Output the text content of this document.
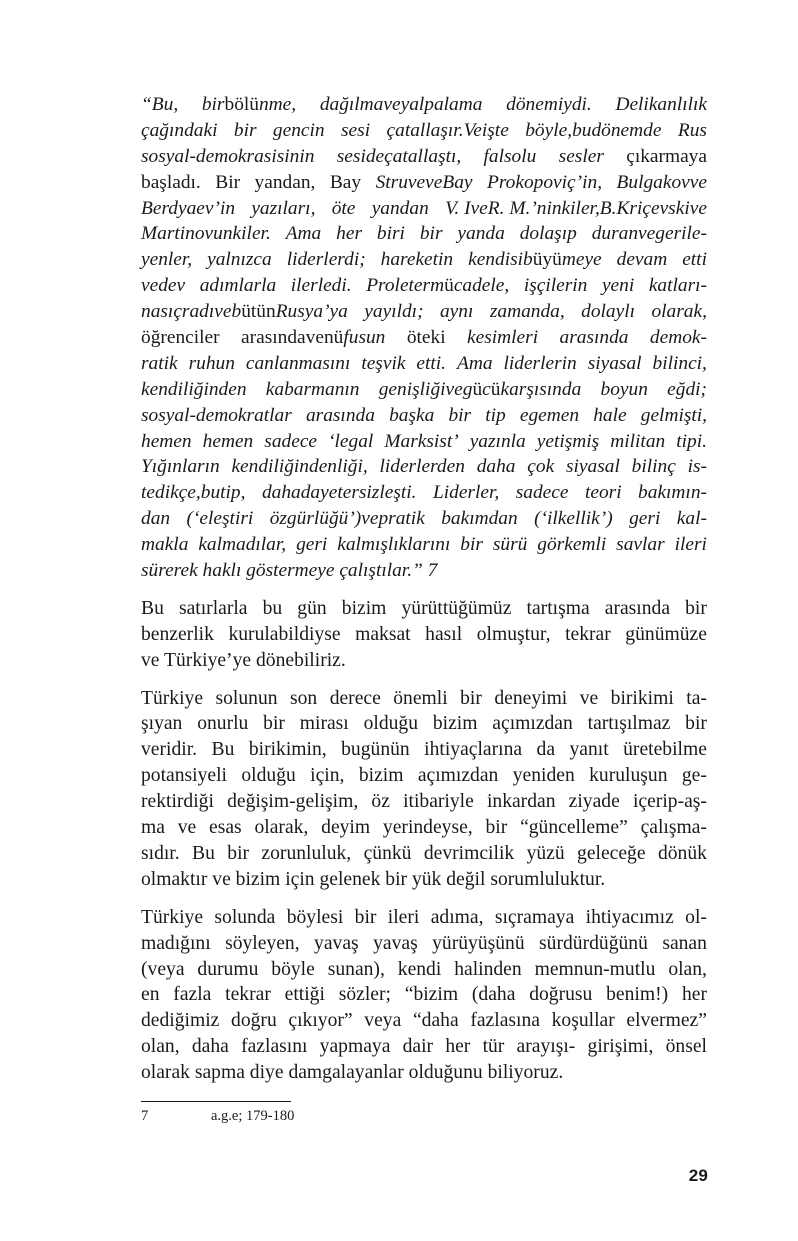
“Bu, birbölünme, dağılmaveyalpalama dönemiydi. Delikanlılık
çağındaki bir gencin sesi çatallaşır.Veişte böyle,budönemde Rus
sosyal-demokrasisinin sesideçatallaştı, falsolu sesler çıkarmaya
başladı. Bir yandan, Bay StruveveBay Prokopoviç’in, Bulgakovve
Berdyaev’in yazıları, öte yandan V. IveR. M.’ninkiler,B.Kriçevskive
Martinovunkiler. Ama her biri bir yanda dolaşıp duranvegerile-
yenler, yalnızca liderlerdi; hareketin kendisibüyümeye devam etti
vedev adımlarla ilerledi. Proletermücadele, işçilerin yeni katları-
nasıçradıvebütünRusya’ya yayıldı; aynı zamanda, dolaylı olarak,
öğrenciler arasındavenüfusun öteki kesimleri arasında demok-
ratik ruhun canlanmasını teşvik etti. Ama liderlerin siyasal bilinci,
kendiliğinden kabarmanın genişliğivegücükarşısında boyun eğdi;
sosyal-demokratlar arasında başka bir tip egemen hale gelmişti,
hemen hemen sadece ‘legal Marksist’ yazınla yetişmiş militan tipi.
Yığınların kendiliğindenliği, liderlerden daha çok siyasal bilinç is-
tedikçe,butip, dahadayetersizleşti. Liderler, sadece teori bakımın-
dan (‘eleştiri özgürlüğü’)vepratik bakımdan (‘ilkellik’) geri kal-
makla kalmadılar, geri kalmışlıklarını bir sürü görkemli savlar ileri
sürerek haklı göstermeye çalıştılar.” 7
Bu satırlarla bu gün bizim yürüttüğümüz tartışma arasında bir
benzerlik kurulabildiyse maksat hasıl olmuştur, tekrar günümüze
ve Türkiye’ye dönebiliriz.
Türkiye solunun son derece önemli bir deneyimi ve birikimi ta-
şıyan onurlu bir mirası olduğu bizim açımızdan tartışılmaz bir
veridir. Bu birikimin, bugünün ihtiyaçlarına da yanıt üretebilme
potansiyeli olduğu için, bizim açımızdan yeniden kuruluşun ge-
rektirdiği değişim-gelişim, öz itibariyle inkardan ziyade içerip-aş-
ma ve esas olarak, deyim yerindeyse, bir “güncelleme” çalışma-
sıdır. Bu bir zorunluluk, çünkü devrimcilik yüzü geleceğe dönük
olmaktır ve bizim için gelenek bir yük değil sorumluluktur.
Türkiye solunda böylesi bir ileri adıma, sıçramaya ihtiyacımız ol-
madığını söyleyen, yavaş yavaş yürüyüşünü sürdürdüğünü sanan
(veya durumu böyle sunan), kendi halinden memnun-mutlu olan,
en fazla tekrar ettiği sözler; “bizim (daha doğrusu benim!) her
dediğimiz doğru çıkıyor” veya “daha fazlasına koşullar elvermez”
olan, daha fazlasını yapmaya dair her tür arayışı- girişimi, önsel
olarak sapma diye damgalayanlar olduğunu biliyoruz.
7	a.g.e; 179-180
29
